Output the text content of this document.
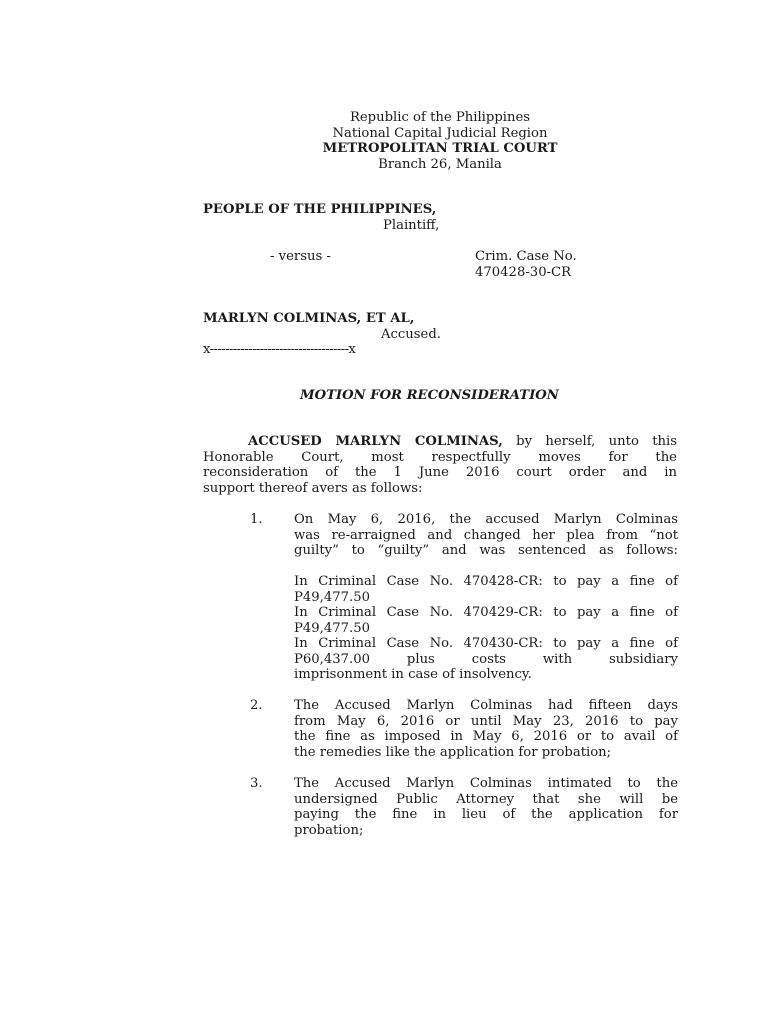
Republic of the Philippines
National Capital Judicial Region
METROPOLITAN TRIAL COURT
Branch 26, Manila
PEOPLE OF THE PHILIPPINES,
Plaintiff,
- versus -	Crim. Case No.
470428-30-CR
MARLYN COLMINAS, ET AL,
Accused.
x------------------------------------x
MOTION FOR RECONSIDERATION
ACCUSED MARLYN COLMINAS, by herself, unto this
Honorable Court, most respectfully moves for the
reconsideration of the 1 June 2016 court order and in
support thereof avers as follows:
1. On May 6, 2016, the accused Marlyn Colminas
was re-arraigned and changed her plea from “not
guilty” to “guilty” and was sentenced as follows:
In Criminal Case No. 470428-CR: to pay a fine of
P49,477.50
In Criminal Case No. 470429-CR: to pay a fine of
P49,477.50
In Criminal Case No. 470430-CR: to pay a fine of
P60,437.00 plus costs with subsidiary
imprisonment in case of insolvency.
2. The Accused Marlyn Colminas had fifteen days
from May 6, 2016 or until May 23, 2016 to pay
the fine as imposed in May 6, 2016 or to avail of
the remedies like the application for probation;
3. The Accused Marlyn Colminas intimated to the
undersigned Public Attorney that she will be
paying the fine in lieu of the application for
probation;
